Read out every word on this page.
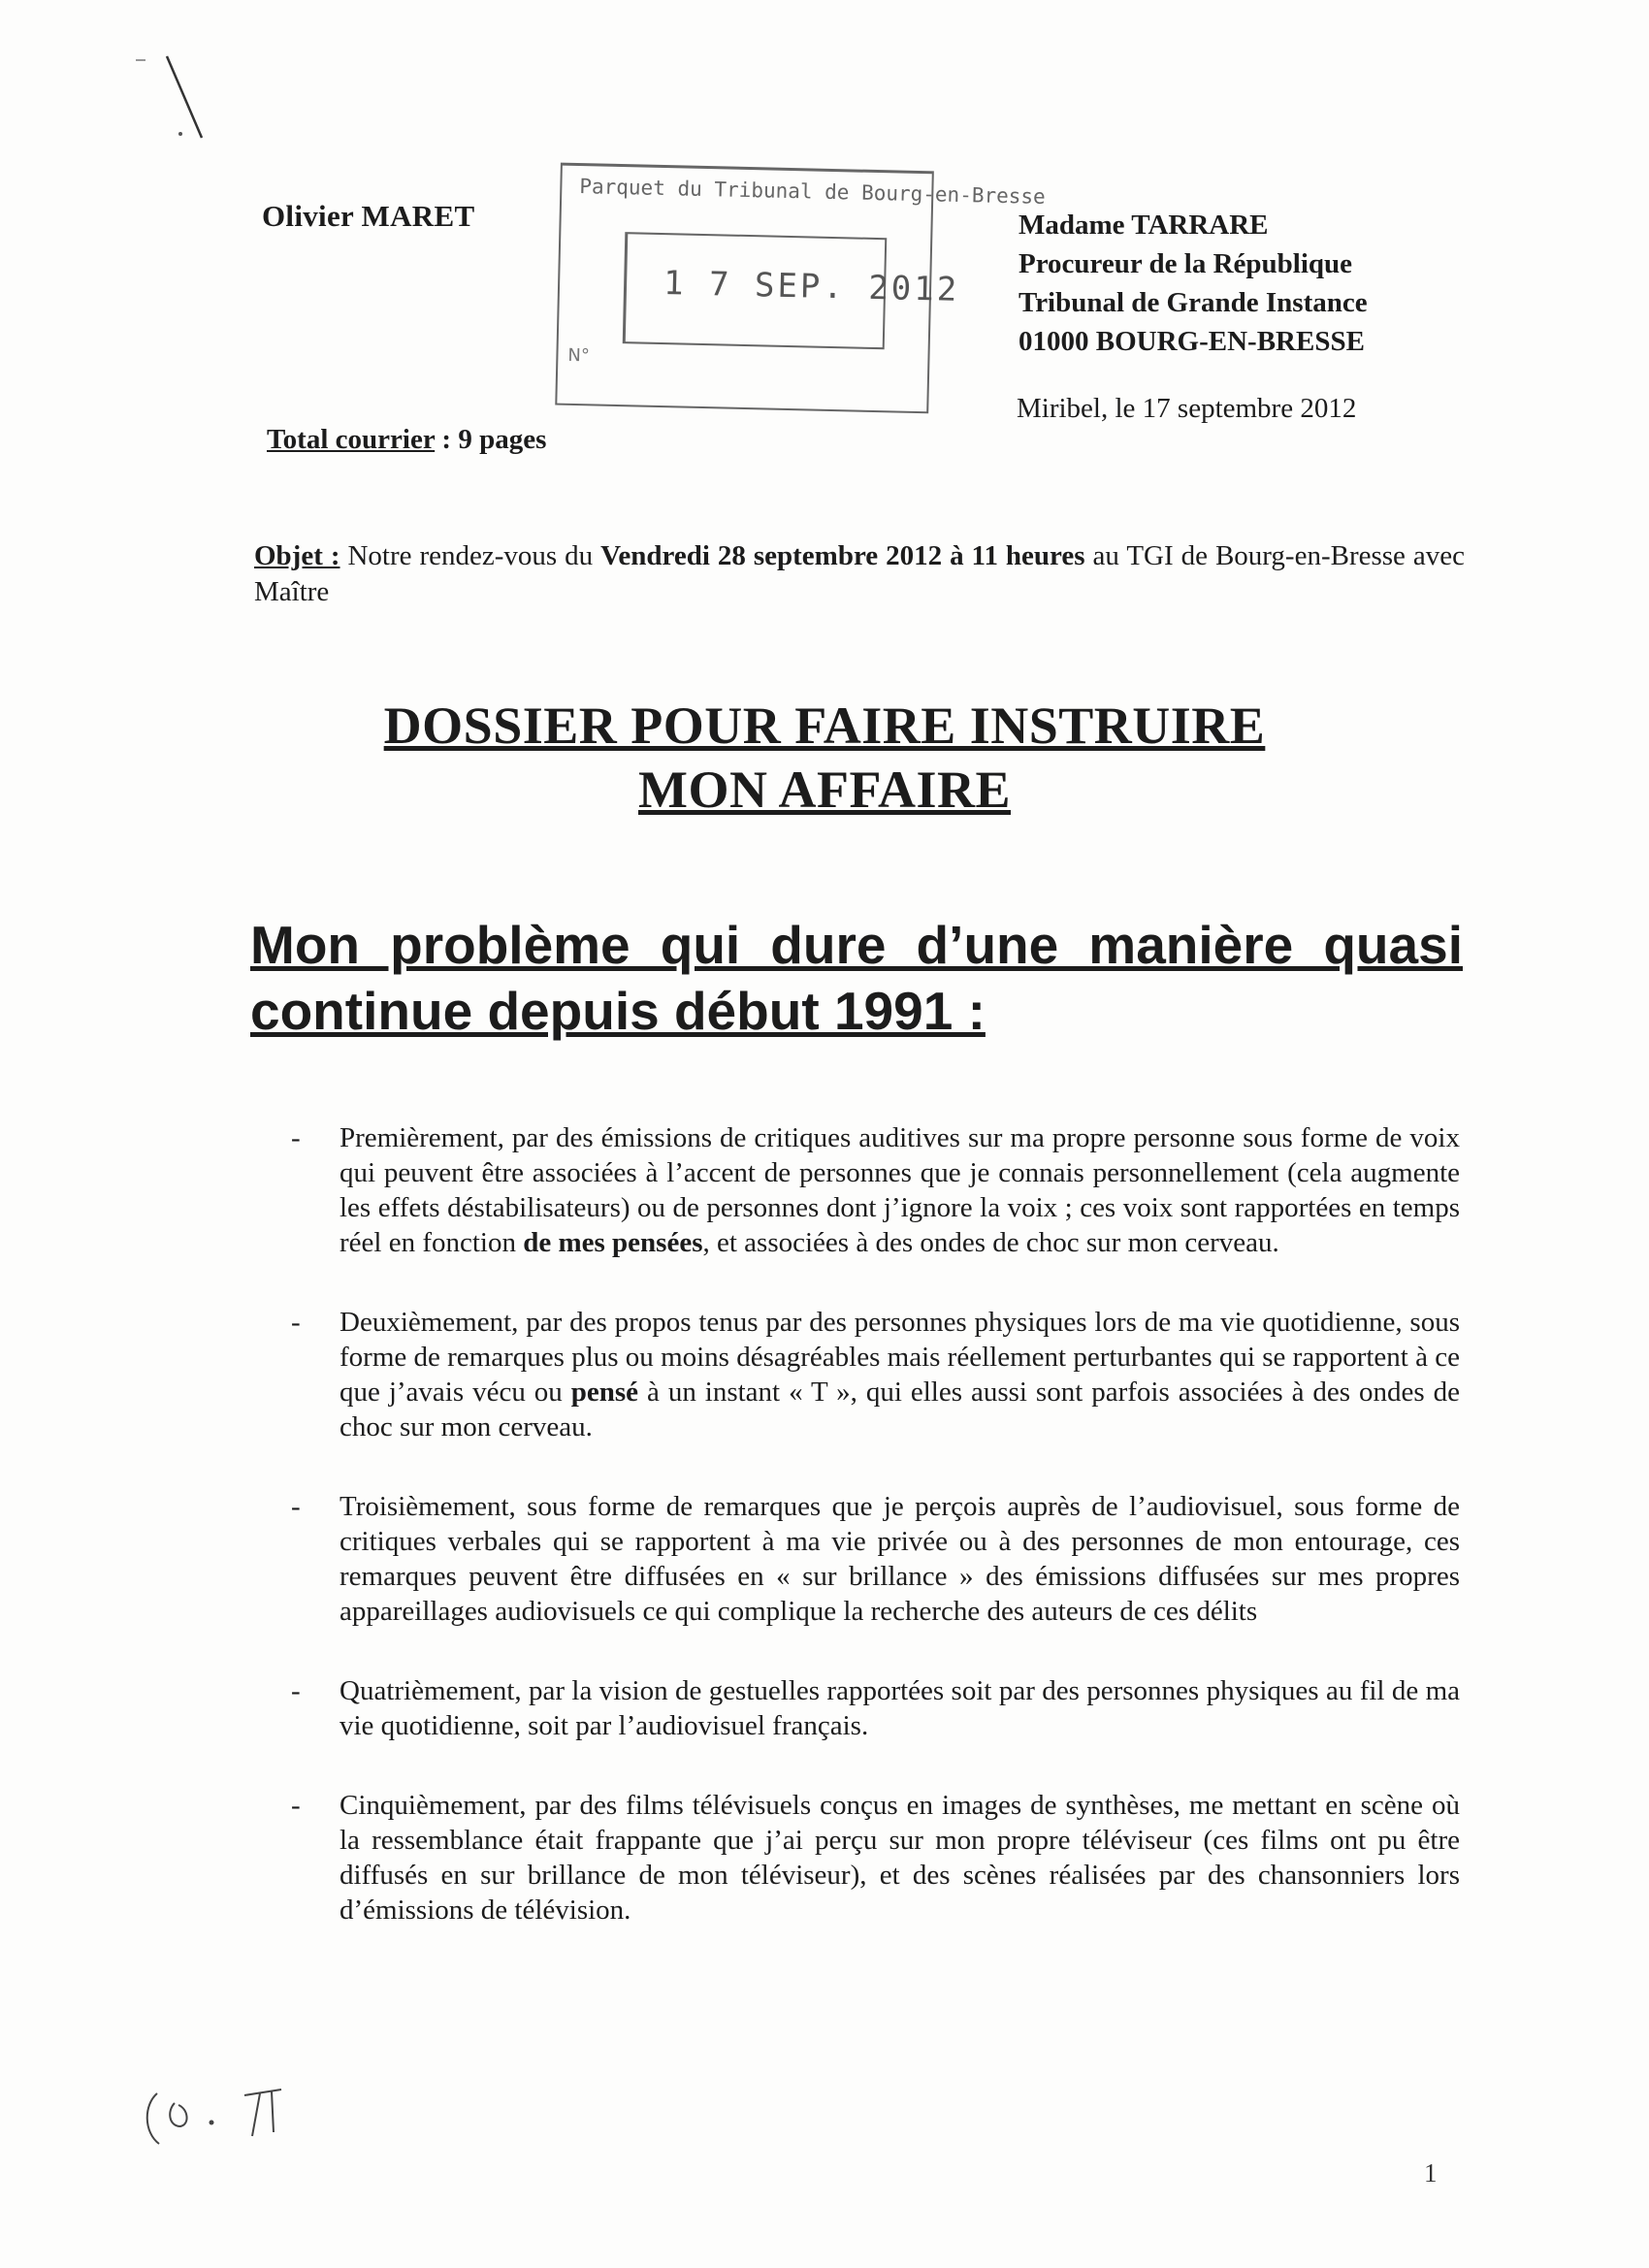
Olivier MARET
Parquet du Tribunal de Bourg-en-Bresse
1 7 SEP. 2012
N°
Madame TARRARE
Procureur de la République
Tribunal de Grande Instance
01000 BOURG-EN-BRESSE
Miribel, le 17 septembre 2012
Total courrier : 9 pages
Objet : Notre rendez-vous du Vendredi 28 septembre 2012 à 11 heures au TGI de Bourg-en-Bresse avec Maître
DOSSIER POUR FAIRE INSTRUIRE
MON AFFAIRE
Mon problème qui dure d’une manière quasi continue depuis début 1991 :
- Premièrement, par des émissions de critiques auditives sur ma propre personne sous forme de voix qui peuvent être associées à l’accent de personnes que je connais personnellement (cela augmente les effets déstabilisateurs) ou de personnes dont j’ignore la voix ; ces voix sont rapportées en temps réel en fonction de mes pensées, et associées à des ondes de choc sur mon cerveau.
- Deuxièmement, par des propos tenus par des personnes physiques lors de ma vie quotidienne, sous forme de remarques plus ou moins désagréables mais réellement perturbantes qui se rapportent à ce que j’avais vécu ou pensé à un instant « T », qui elles aussi sont parfois associées à des ondes de choc sur mon cerveau.
- Troisièmement, sous forme de remarques que je perçois auprès de l’audiovisuel, sous forme de critiques verbales qui se rapportent à ma vie privée ou à des personnes de mon entourage, ces remarques peuvent être diffusées en « sur brillance » des émissions diffusées sur mes propres appareillages audiovisuels ce qui complique la recherche des auteurs de ces délits
- Quatrièmement, par la vision de gestuelles rapportées soit par des personnes physiques au fil de ma vie quotidienne, soit par l’audiovisuel français.
- Cinquièmement, par des films télévisuels conçus en images de synthèses, me mettant en scène où la ressemblance était frappante que j’ai perçu sur mon propre téléviseur (ces films ont pu être diffusés en sur brillance de mon téléviseur), et des scènes réalisées par des chansonniers lors d’émissions de télévision.
1
